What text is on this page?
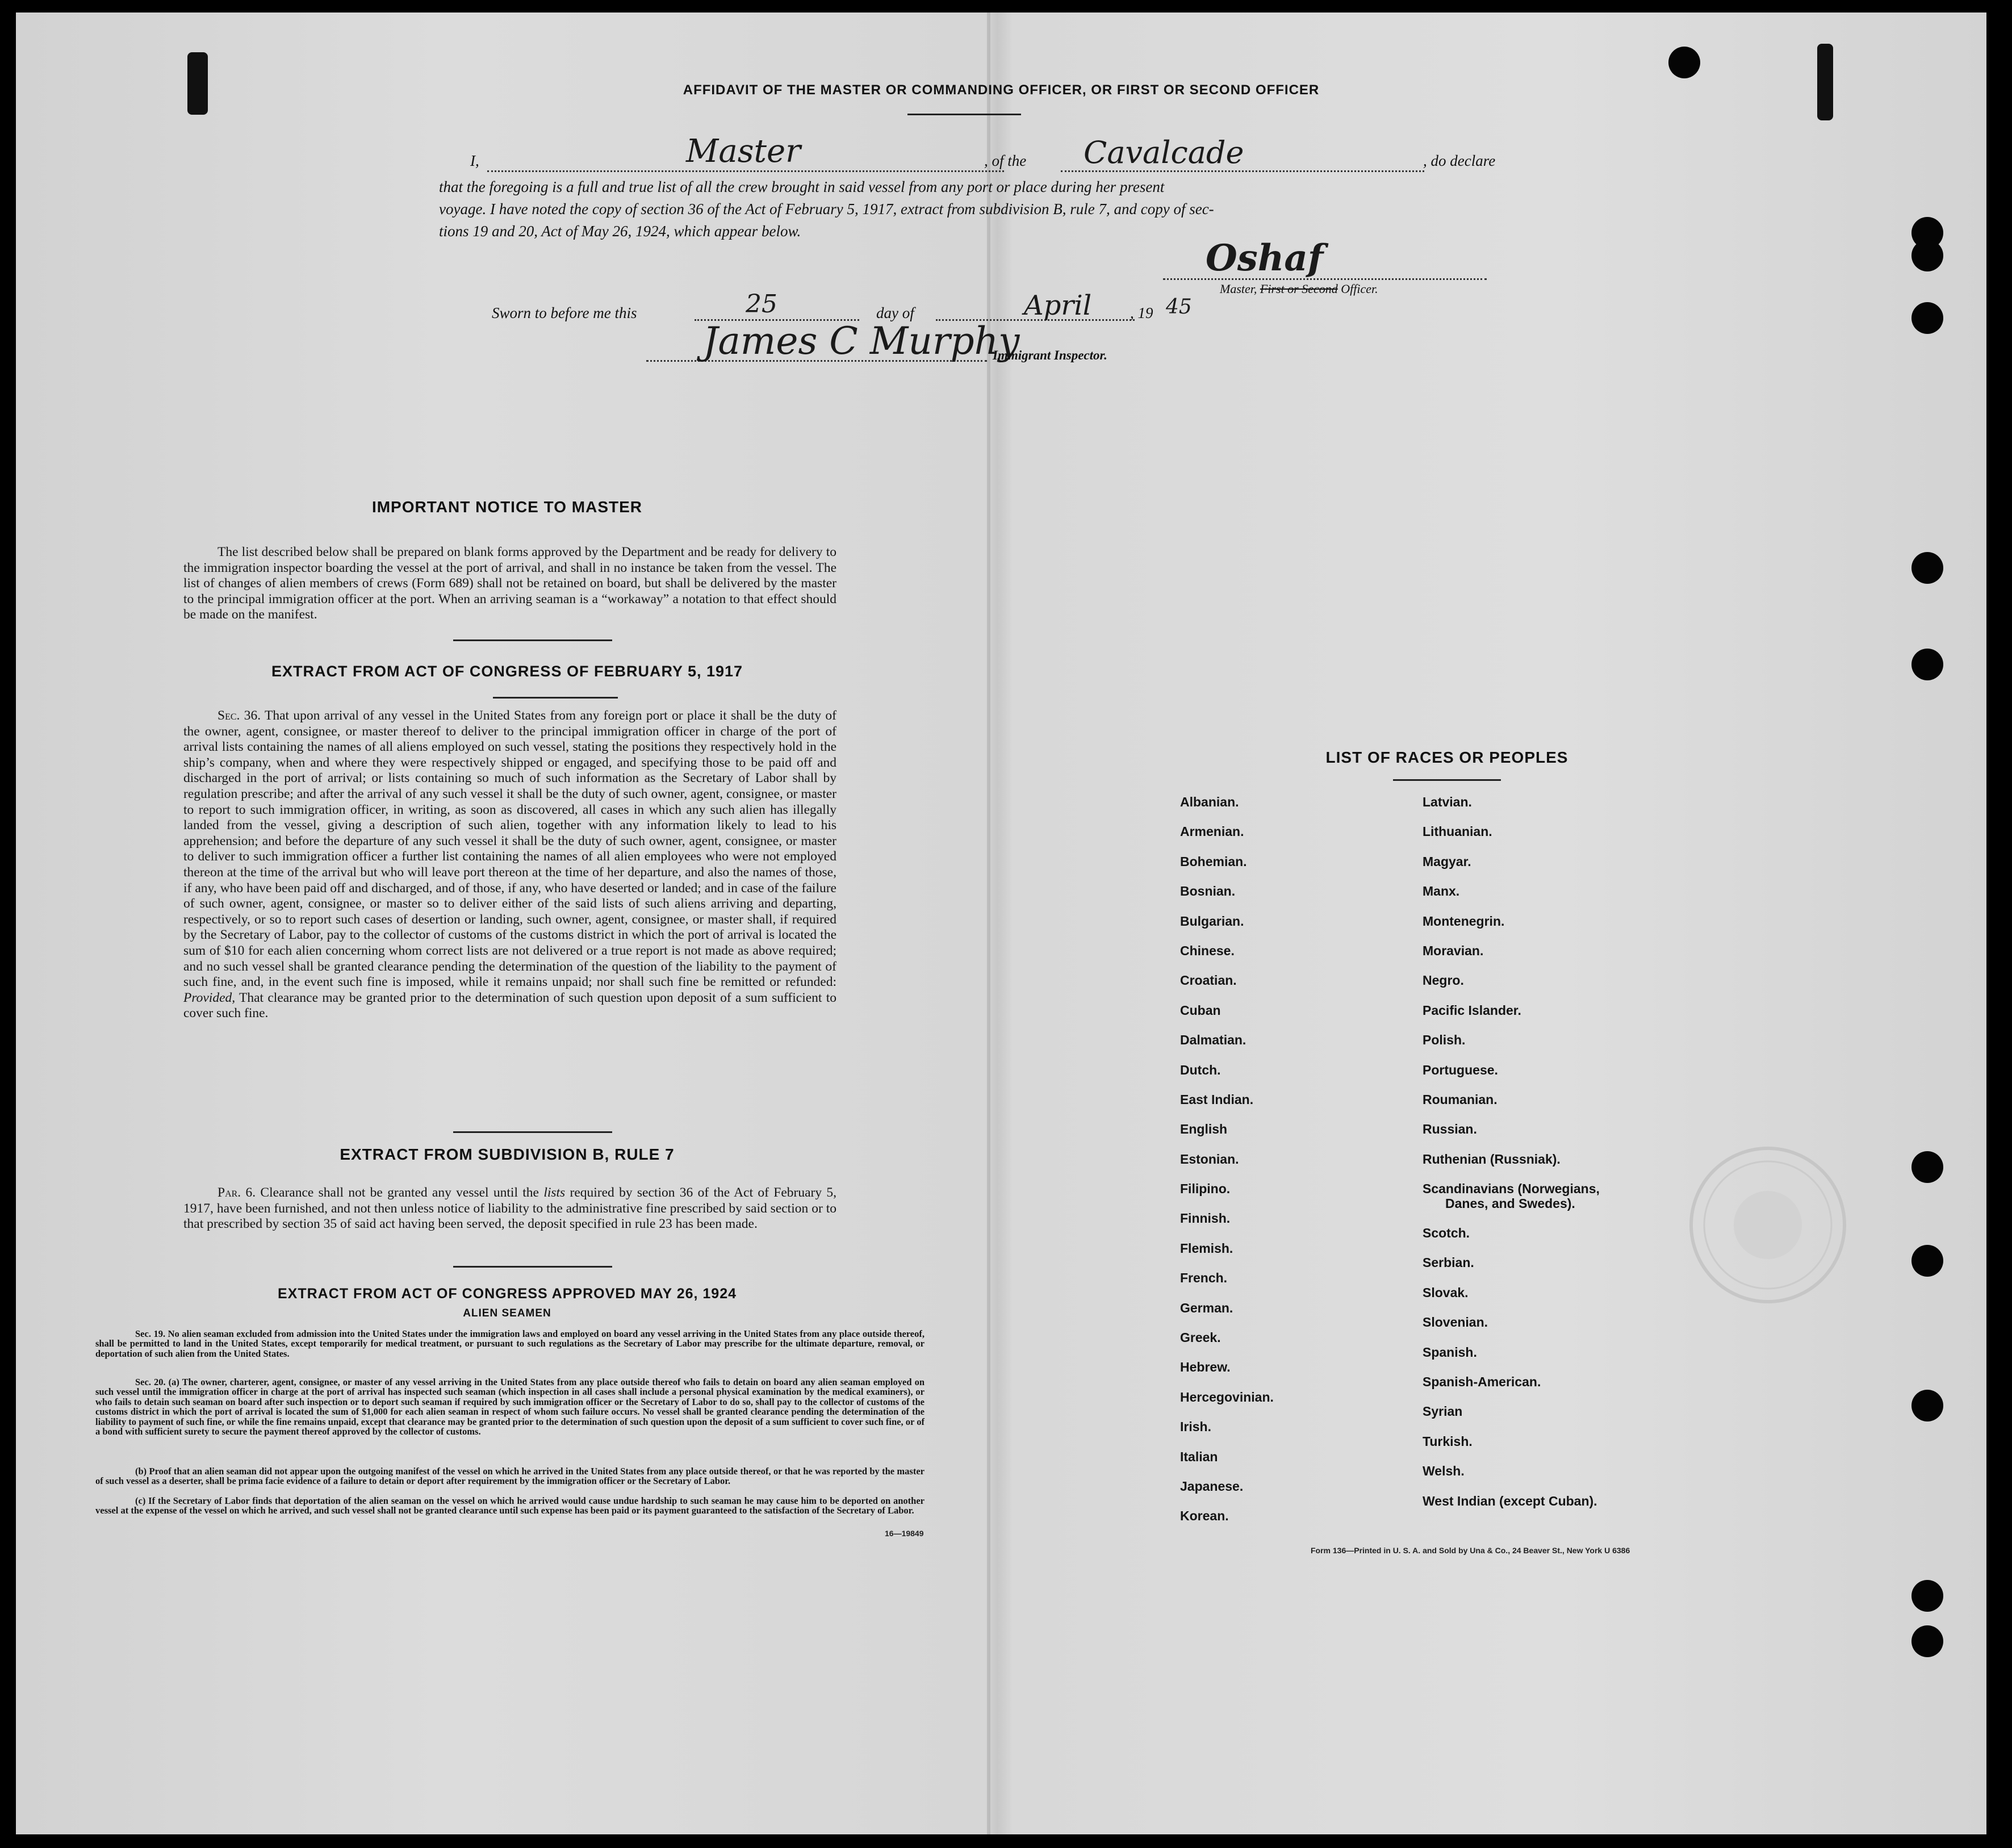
AFFIDAVIT OF THE MASTER OR COMMANDING OFFICER, OR FIRST OR SECOND OFFICER
I,	Master	, of the Cavalcade	, do declare
that the foregoing is a full and true list of all the crew brought in said vessel from any port or place during her present
voyage. I have noted the copy of section 36 of the Act of February 5, 1917, extract from subdivision B, rule 7, and copy of sec-
tions 19 and 20, Act of May 26, 1924, which appear below.
Oshaf
Master, First or Second Officer.
Sworn to before me this	25	day of	April	, 19 45
James C Murphy
Immigrant Inspector.
IMPORTANT NOTICE TO MASTER

The list described below shall be prepared on blank forms approved by the Department and be ready for delivery to the immigration inspector boarding the vessel at the port of arrival, and shall in no instance be taken from the vessel. The list of changes of alien members of crews (Form 689) shall not be retained on board, but shall be delivered by the master to the principal immigration officer at the port. When an arriving seaman is a “workaway” a notation to that effect should be made on the manifest.

EXTRACT FROM ACT OF CONGRESS OF FEBRUARY 5, 1917

Sec. 36. That upon arrival of any vessel in the United States from any foreign port or place it shall be the duty of the owner, agent, consignee, or master thereof to deliver to the principal immigration officer in charge of the port of arrival lists containing the names of all aliens employed on such vessel, stating the positions they respectively hold in the ship’s company, when and where they were respectively shipped or engaged, and specifying those to be paid off and discharged in the port of arrival; or lists containing so much of such information as the Secretary of Labor shall by regulation prescribe; and after the arrival of any such vessel it shall be the duty of such owner, agent, consignee, or master to report to such immigration officer, in writing, as soon as discovered, all cases in which any such alien has illegally landed from the vessel, giving a description of such alien, together with any information likely to lead to his apprehension; and before the departure of any such vessel it shall be the duty of such owner, agent, consignee, or master to deliver to such immigration officer a further list containing the names of all alien employees who were not employed thereon at the time of the arrival but who will leave port thereon at the time of her departure, and also the names of those, if any, who have been paid off and discharged, and of those, if any, who have deserted or landed; and in case of the failure of such owner, agent, consignee, or master so to deliver either of the said lists of such aliens arriving and departing, respectively, or so to report such cases of desertion or landing, such owner, agent, consignee, or master shall, if required by the Secretary of Labor, pay to the collector of customs of the customs district in which the port of arrival is located the sum of $10 for each alien concerning whom correct lists are not delivered or a true report is not made as above required; and no such vessel shall be granted clearance pending the determination of the question of the liability to the payment of such fine, and, in the event such fine is imposed, while it remains unpaid; nor shall such fine be remitted or refunded: Provided, That clearance may be granted prior to the determination of such question upon deposit of a sum sufficient to cover such fine.

EXTRACT FROM SUBDIVISION B, RULE 7

Par. 6. Clearance shall not be granted any vessel until the lists required by section 36 of the Act of February 5, 1917, have been furnished, and not then unless notice of liability to the administrative fine prescribed by said section or to that prescribed by section 35 of said act having been served, the deposit specified in rule 23 has been made.

EXTRACT FROM ACT OF CONGRESS APPROVED MAY 26, 1924
ALIEN SEAMEN

Sec. 19. No alien seaman excluded from admission into the United States under the immigration laws and employed on board any vessel arriving in the United States from any place outside thereof, shall be permitted to land in the United States, except temporarily for medical treatment, or pursuant to such regulations as the Secretary of Labor may prescribe for the ultimate departure, removal, or deportation of such alien from the United States.

Sec. 20. (a) The owner, charterer, agent, consignee, or master of any vessel arriving in the United States from any place outside thereof who fails to detain on board any alien seaman employed on such vessel until the immigration officer in charge at the port of arrival has inspected such seaman (which inspection in all cases shall include a personal physical examination by the medical examiners), or who fails to detain such seaman on board after such inspection or to deport such seaman if required by such immigration officer or the Secretary of Labor to do so, shall pay to the collector of customs of the customs district in which the port of arrival is located the sum of $1,000 for each alien seaman in respect of whom such failure occurs. No vessel shall be granted clearance pending the determination of the liability to payment of such fine, or while the fine remains unpaid, except that clearance may be granted prior to the determination of such question upon the deposit of a sum sufficient to cover such fine, or of a bond with sufficient surety to secure the payment thereof approved by the collector of customs.

(b) Proof that an alien seaman did not appear upon the outgoing manifest of the vessel on which he arrived in the United States from any place outside thereof, or that he was reported by the master of such vessel as a deserter, shall be prima facie evidence of a failure to detain or deport after requirement by the immigration officer or the Secretary of Labor.

(c) If the Secretary of Labor finds that deportation of the alien seaman on the vessel on which he arrived would cause undue hardship to such seaman he may cause him to be deported on another vessel at the expense of the vessel on which he arrived, and such vessel shall not be granted clearance until such expense has been paid or its payment guaranteed to the satisfaction of the Secretary of Labor.

16—19849
LIST OF RACES OR PEOPLES
Albanian.
Armenian.
Bohemian.
Bosnian.
Bulgarian.
Chinese.
Croatian.
Cuban
Dalmatian.
Dutch.
East Indian.
English
Estonian.
Filipino.
Finnish.
Flemish.
French.
German.
Greek.
Hebrew.
Hercegovinian.
Irish.
Italian
Japanese.
Korean.
Latvian.
Lithuanian.
Magyar.
Manx.
Montenegrin.
Moravian.
Negro.
Pacific Islander.
Polish.
Portuguese.
Roumanian.
Russian.
Ruthenian (Russniak).
Scandinavians (Norwegians,
Danes, and Swedes).
Scotch.
Serbian.
Slovak.
Slovenian.
Spanish.
Spanish-American.
Syrian
Turkish.
Welsh.
West Indian (except Cuban).
Form 136—Printed in U. S. A. and Sold by Una & Co., 24 Beaver St., New York U 6386
